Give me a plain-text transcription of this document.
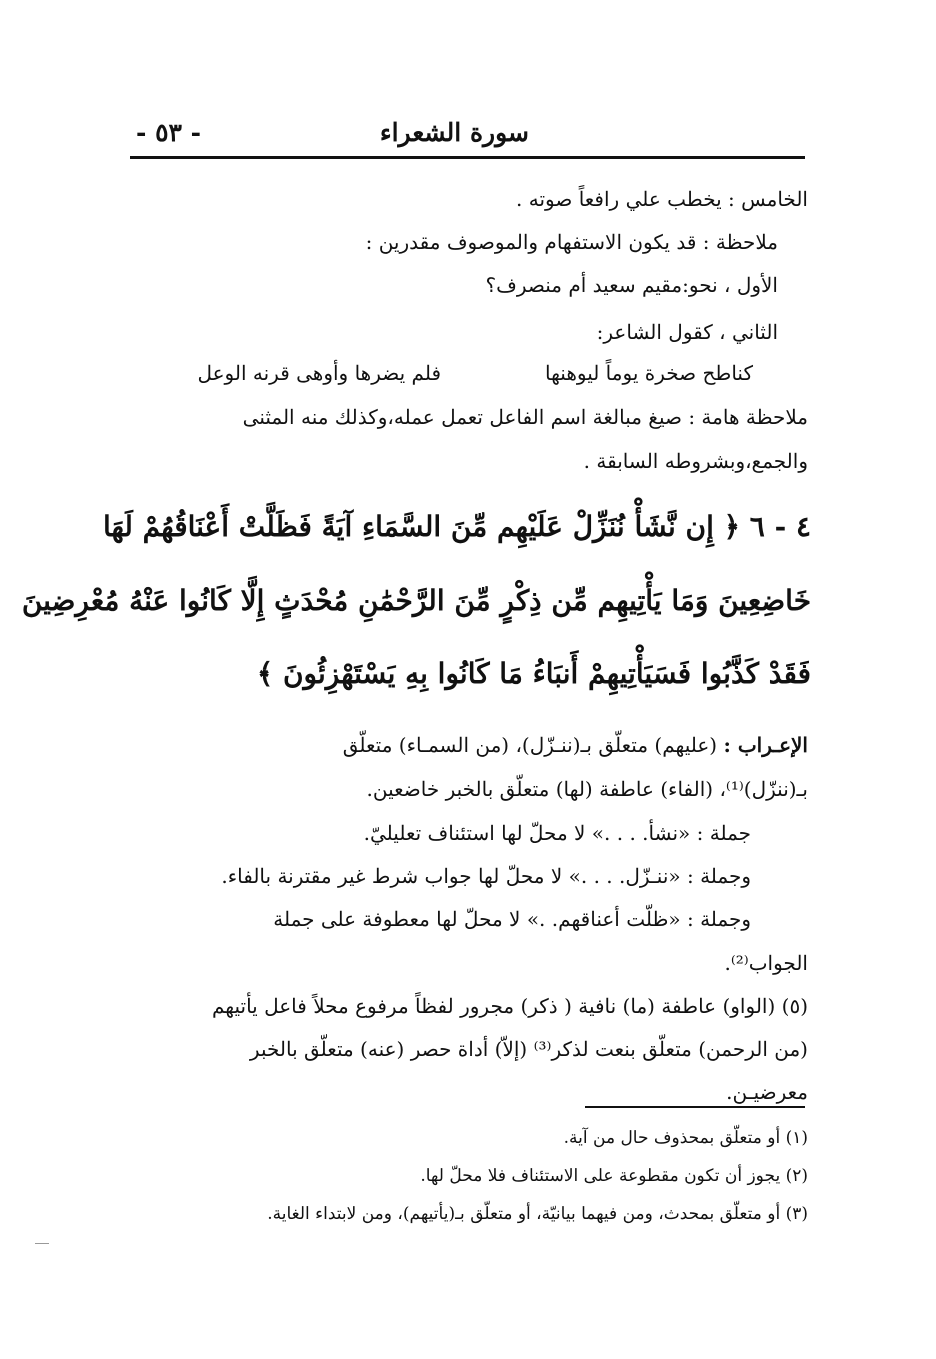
سورة الشعراء
- ٥٣ -
الخامس : يخطب علي رافعاً صوته .
ملاحظة : قد يكون الاستفهام والموصوف مقدرين :
الأول ، نحو:مقيم سعيد أم منصرف؟
الثاني ، كقول الشاعر:
كناطح صخرة يوماً ليوهنها
فلم يضرها وأوهى قرنه الوعل
ملاحظة هامة : صيغ مبالغة اسم الفاعل تعمل عمله،وكذلك منه المثنى
والجمع،وبشروطه السابقة .
٤ - ٦ ﴿ إِن نَّشَأْ نُنَزِّلْ عَلَيْهِم مِّنَ السَّمَاءِ آيَةً فَظَلَّتْ أَعْنَاقُهُمْ لَهَا
خَاضِعِينَ وَمَا يَأْتِيهِم مِّن ذِكْرٍ مِّنَ الرَّحْمَٰنِ مُحْدَثٍ إِلَّا كَانُوا عَنْهُ مُعْرِضِينَ
فَقَدْ كَذَّبُوا فَسَيَأْتِيهِمْ أَنبَاءُ مَا كَانُوا بِهِ يَسْتَهْزِئُونَ ﴾
الإعـراب : (عليهم) متعلّق بـ(ننـزّل)، (من السمـاء) متعلّق
بـ(ننزّل)⁽¹⁾، (الفاء) عاطفة (لها) متعلّق بالخبر خاضعين.
جملة : «نشأ. . . .» لا محلّ لها استئناف تعليليّ.
وجملة : «ننـزّل. . . .» لا محلّ لها جواب شرط غير مقترنة بالفاء.
وجملة : «ظلّت أعناقهم. .» لا محلّ لها معطوفة على جملة
الجواب⁽²⁾.
(٥) (الواو) عاطفة (ما) نافية ( ذكر) مجرور لفظاً مرفوع محلاً فاعل يأتيهم
(من الرحمن) متعلّق بنعت لذكر⁽³⁾ (إلاّ) أداة حصر (عنه) متعلّق بالخبر
معرضيـن.
(١) أو متعلّق بمحذوف حال من آية.
(٢) يجوز أن تكون مقطوعة على الاستئناف فلا محلّ لها.
(٣) أو متعلّق بمحدث، ومن فيهما بيانيّة، أو متعلّق بـ(يأتيهم)، ومن لابتداء الغاية.
